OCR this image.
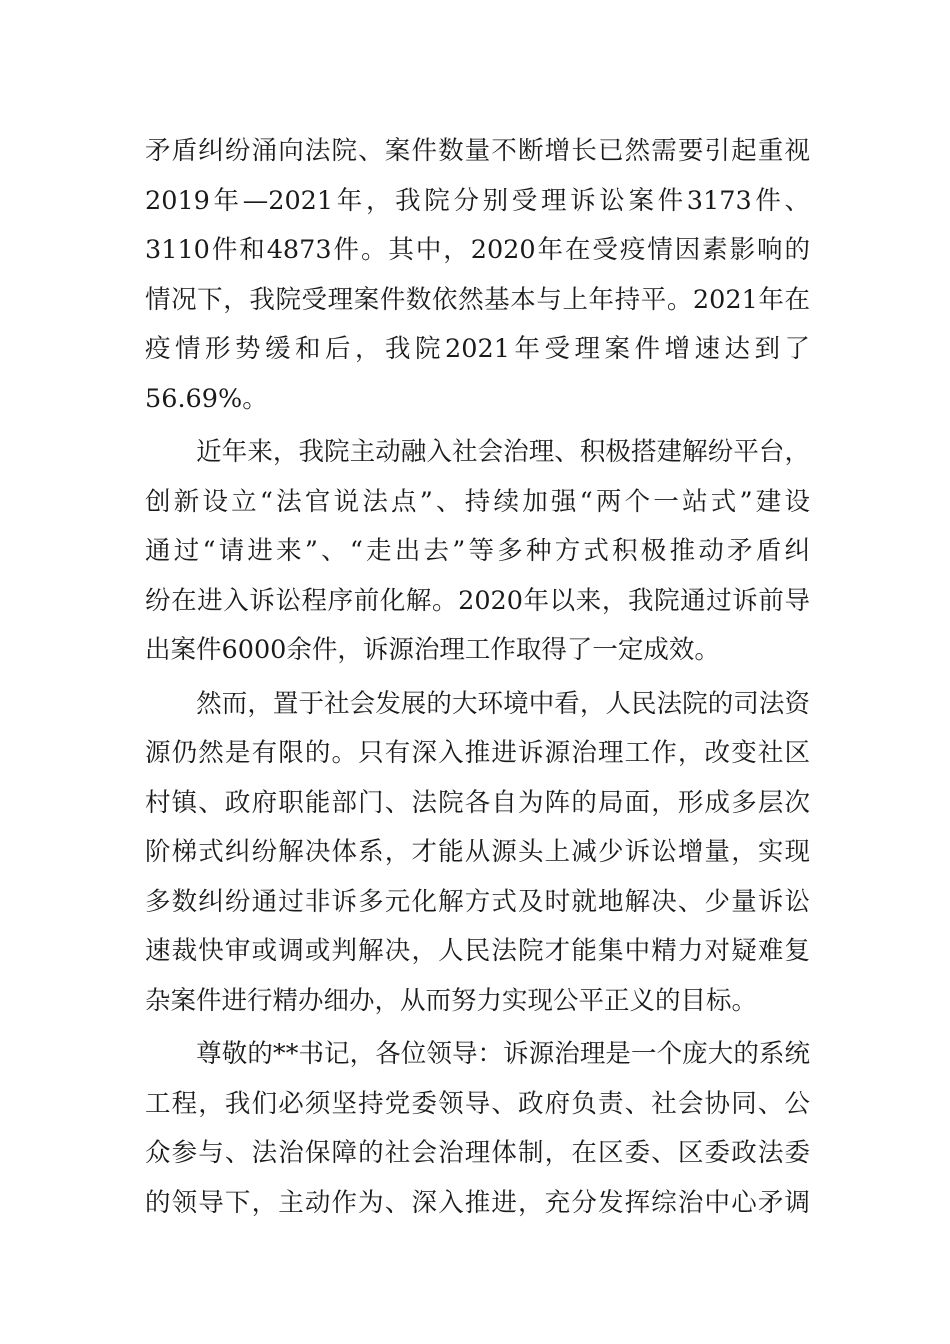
矛盾纠纷涌向法院、案件数量不断增长已然需要引起重视
2019年—2021年，我院分别受理诉讼案件3173件、
3110件和4873件。其中，2020年在受疫情因素影响的
情况下，我院受理案件数依然基本与上年持平。2021年在
疫情形势缓和后，我院2021年受理案件增速达到了
56.69%。
　　近年来，我院主动融入社会治理、积极搭建解纷平台，
创新设立“法官说法点”、持续加强“两个一站式”建设
通过“请进来”、“走出去”等多种方式积极推动矛盾纠
纷在进入诉讼程序前化解。2020年以来，我院通过诉前导
出案件6000余件，诉源治理工作取得了一定成效。
　　然而，置于社会发展的大环境中看，人民法院的司法资
源仍然是有限的。只有深入推进诉源治理工作，改变社区
村镇、政府职能部门、法院各自为阵的局面，形成多层次
阶梯式纠纷解决体系，才能从源头上减少诉讼增量，实现
多数纠纷通过非诉多元化解方式及时就地解决、少量诉讼
速裁快审或调或判解决，人民法院才能集中精力对疑难复
杂案件进行精办细办，从而努力实现公平正义的目标。
　　尊敬的**书记，各位领导：诉源治理是一个庞大的系统
工程，我们必须坚持党委领导、政府负责、社会协同、公
众参与、法治保障的社会治理体制，在区委、区委政法委
的领导下，主动作为、深入推进，充分发挥综治中心矛调
